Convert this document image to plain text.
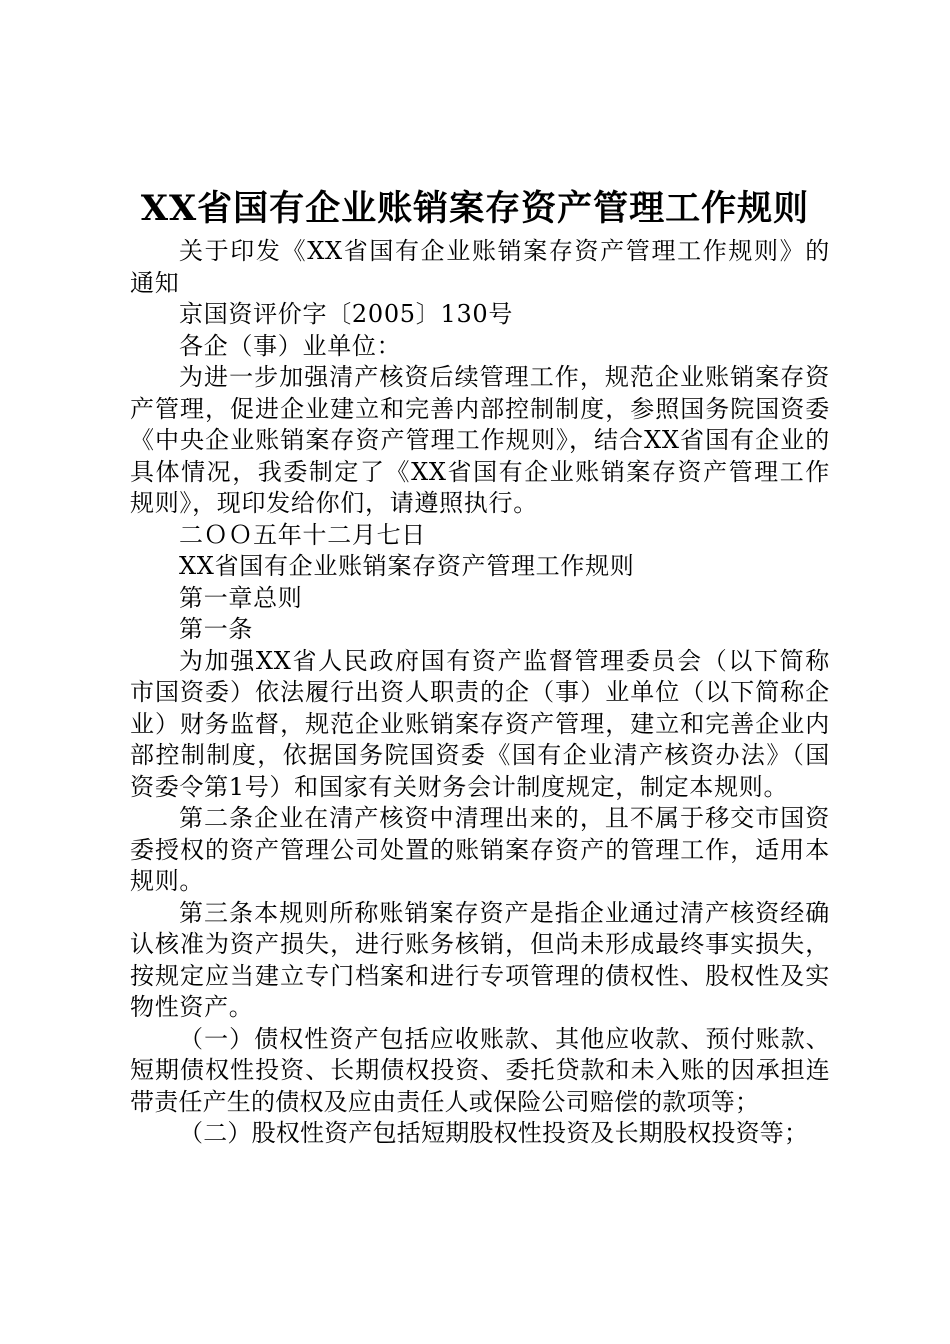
XX省国有企业账销案存资产管理工作规则

关于印发《XX省国有企业账销案存资产管理工作规则》的通知

京国资评价字〔2005〕130号

各企（事）业单位：

为进一步加强清产核资后续管理工作，规范企业账销案存资产管理，促进企业建立和完善内部控制制度，参照国务院国资委《中央企业账销案存资产管理工作规则》，结合XX省国有企业的具体情况，我委制定了《XX省国有企业账销案存资产管理工作规则》，现印发给你们，请遵照执行。

二ＯＯ五年十二月七日

XX省国有企业账销案存资产管理工作规则

第一章总则

第一条

为加强XX省人民政府国有资产监督管理委员会（以下简称市国资委）依法履行出资人职责的企（事）业单位（以下简称企业）财务监督，规范企业账销案存资产管理，建立和完善企业内部控制制度，依据国务院国资委《国有企业清产核资办法》（国资委令第1号）和国家有关财务会计制度规定，制定本规则。

第二条企业在清产核资中清理出来的，且不属于移交市国资委授权的资产管理公司处置的账销案存资产的管理工作，适用本规则。

第三条本规则所称账销案存资产是指企业通过清产核资经确认核准为资产损失，进行账务核销，但尚未形成最终事实损失，按规定应当建立专门档案和进行专项管理的债权性、股权性及实物性资产。

（一）债权性资产包括应收账款、其他应收款、预付账款、短期债权性投资、长期债权投资、委托贷款和未入账的因承担连带责任产生的债权及应由责任人或保险公司赔偿的款项等；

（二）股权性资产包括短期股权性投资及长期股权投资等；
